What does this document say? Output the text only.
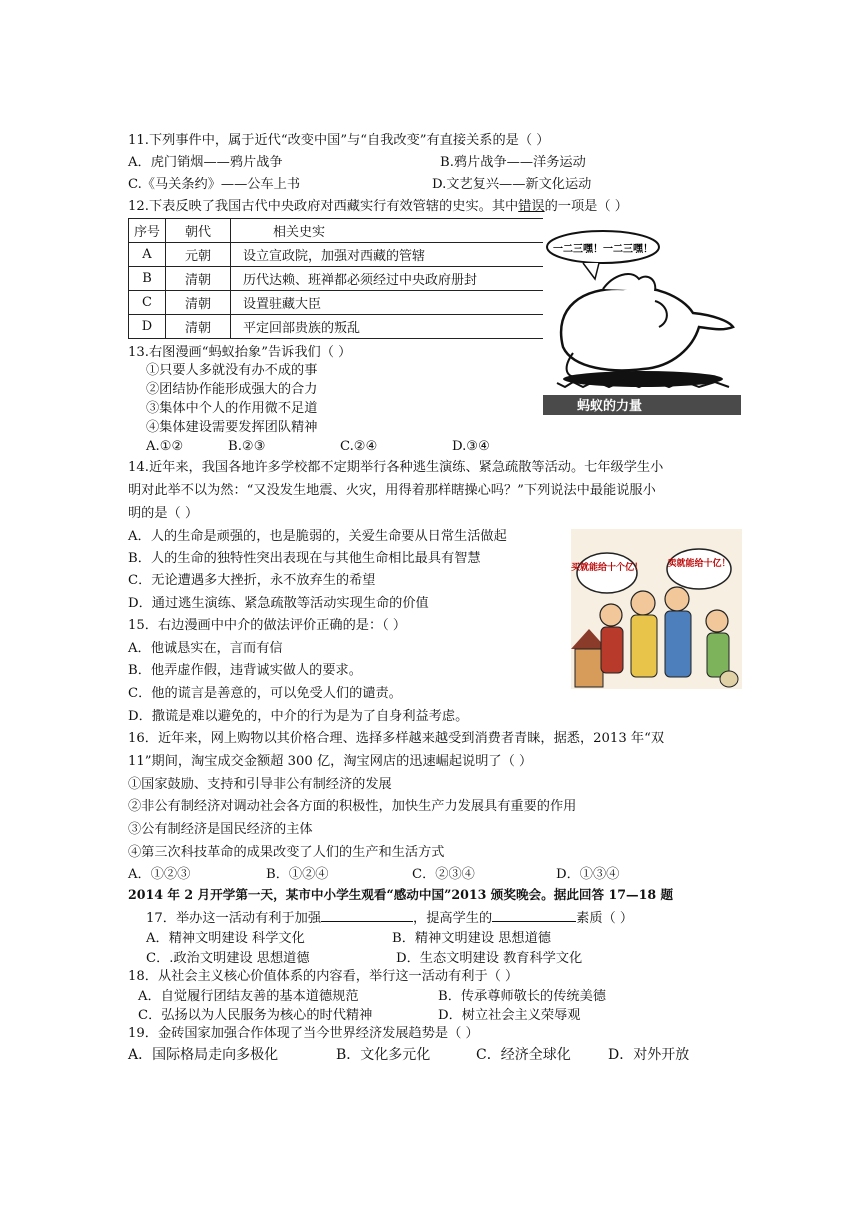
11.下列事件中，属于近代“改变中国”与“自我改变”有直接关系的是（ ）
A．虎门销烟——鸦片战争	B.鸦片战争——洋务运动
C.《马关条约》——公车上书	D.文艺复兴——新文化运动
12.下表反映了我国古代中央政府对西藏实行有效管辖的史实。其中错误的一项是（ ）
序号	朝代	相关史实
A	元朝	设立宣政院，加强对西藏的管辖
B	清朝	历代达赖、班禅都必须经过中央政府册封
C	清朝	设置驻藏大臣
D	清朝	平定回部贵族的叛乱
一二三嘿！一二三嘿！
蚂蚁的力量
13.右图漫画“蚂蚁抬象”告诉我们（ ）
①只要人多就没有办不成的事
②团结协作能形成强大的合力
③集体中个人的作用微不足道
④集体建设需要发挥团队精神
A.①②	B.②③	C.②④	D.③④
14.近年来，我国各地许多学校都不定期举行各种逃生演练、紧急疏散等活动。七年级学生小
明对此举不以为然：“又没发生地震、火灾，用得着那样瞎操心吗？”下列说法中最能说服小
明的是（ ）
A．人的生命是顽强的，也是脆弱的，关爱生命要从日常生活做起
B．人的生命的独特性突出表现在与其他生命相比最具有智慧
C．无论遭遇多大挫折，永不放弃生的希望
D．通过逃生演练、紧急疏散等活动实现生命的价值
买就能给十个亿！	卖就能给十亿！
15．右边漫画中中介的做法评价正确的是：（ ）
A．他诚恳实在，言而有信
B．他弄虚作假，违背诚实做人的要求。
C．他的谎言是善意的，可以免受人们的谴责。
D．撒谎是难以避免的，中介的行为是为了自身利益考虑。
16．近年来，网上购物以其价格合理、选择多样越来越受到消费者青睐，据悉，2013 年“双
11”期间，淘宝成交金额超 300 亿，淘宝网店的迅速崛起说明了（ ）
①国家鼓励、支持和引导非公有制经济的发展
②非公有制经济对调动社会各方面的积极性，加快生产力发展具有重要的作用
③公有制经济是国民经济的主体
④第三次科技革命的成果改变了人们的生产和生活方式
A．①②③	B．①②④	C．②③④	D．①③④
2014 年 2 月开学第一天，某市中小学生观看“感动中国”2013 颁奖晚会。据此回答 17—18 题
17．举办这一活动有利于加强	，提高学生的	素质（ ）
A．精神文明建设 科学文化	B．精神文明建设 思想道德
C．.政治文明建设 思想道德	D．生态文明建设 教育科学文化
18．从社会主义核心价值体系的内容看，举行这一活动有利于（ ）
A．自觉履行团结友善的基本道德规范	B．传承尊师敬长的传统美德
C．弘扬以为人民服务为核心的时代精神	D．树立社会主义荣辱观
19．金砖国家加强合作体现了当今世界经济发展趋势是（ ）
A．国际格局走向多极化	B．文化多元化	C．经济全球化	D．对外开放
